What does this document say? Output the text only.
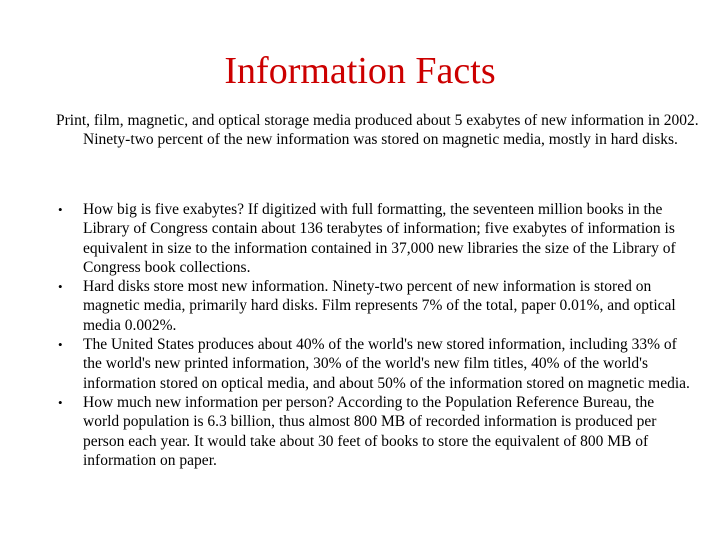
Information Facts

Print, film, magnetic, and optical storage media produced about 5 exabytes of new information in 2002. Ninety-two percent of the new information was stored on magnetic media, mostly in hard disks.

• How big is five exabytes? If digitized with full formatting, the seventeen million books in the Library of Congress contain about 136 terabytes of information; five exabytes of information is equivalent in size to the information contained in 37,000 new libraries the size of the Library of Congress book collections.
• Hard disks store most new information. Ninety-two percent of new information is stored on magnetic media, primarily hard disks. Film represents 7% of the total, paper 0.01%, and optical media 0.002%.
• The United States produces about 40% of the world's new stored information, including 33% of the world's new printed information, 30% of the world's new film titles, 40% of the world's information stored on optical media, and about 50% of the information stored on magnetic media.
• How much new information per person? According to the Population Reference Bureau, the world population is 6.3 billion, thus almost 800 MB of recorded information is produced per person each year. It would take about 30 feet of books to store the equivalent of 800 MB of information on paper.
